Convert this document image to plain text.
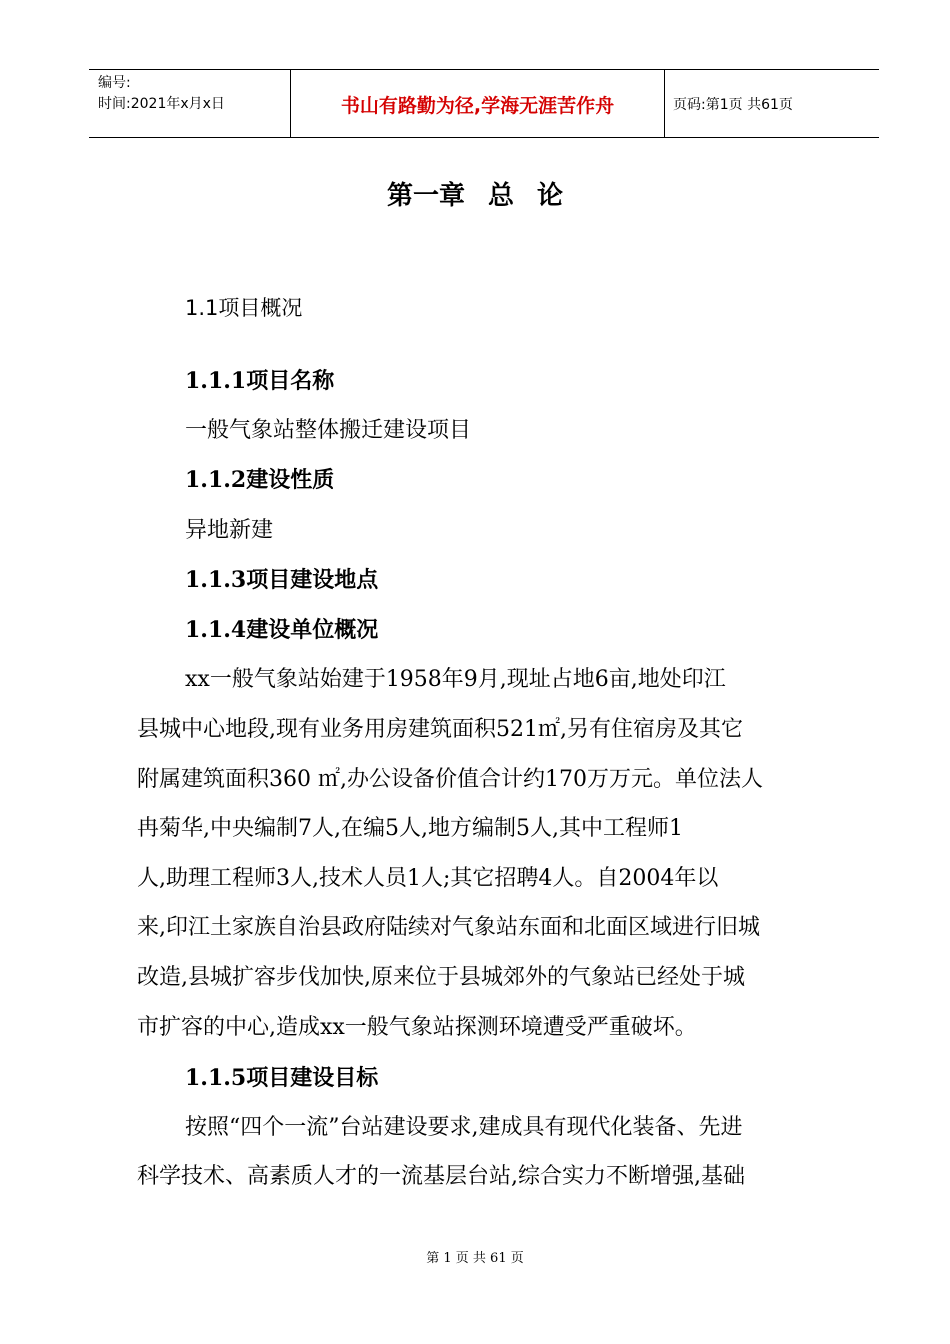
编号:
时间:2021年x月x日	书山有路勤为径,学海无涯苦作舟	页码:第1页 共61页
第一章 总 论
1.1项目概况
1.1.1项目名称
一般气象站整体搬迁建设项目
1.1.2建设性质
异地新建
1.1.3项目建设地点
1.1.4建设单位概况
xx一般气象站始建于1958年9月,现址占地6亩,地处印江
县城中心地段,现有业务用房建筑面积521㎡,另有住宿房及其它
附属建筑面积360 ㎡,办公设备价值合计约170万万元。单位法人
冉菊华,中央编制7人,在编5人,地方编制5人,其中工程师1
人,助理工程师3人,技术人员1人;其它招聘4人。自2004年以
来,印江土家族自治县政府陆续对气象站东面和北面区域进行旧城
改造,县城扩容步伐加快,原来位于县城郊外的气象站已经处于城
市扩容的中心,造成xx一般气象站探测环境遭受严重破坏。
1.1.5项目建设目标
按照“四个一流”台站建设要求,建成具有现代化装备、先进
科学技术、高素质人才的一流基层台站,综合实力不断增强,基础
第 1 页 共 61 页
